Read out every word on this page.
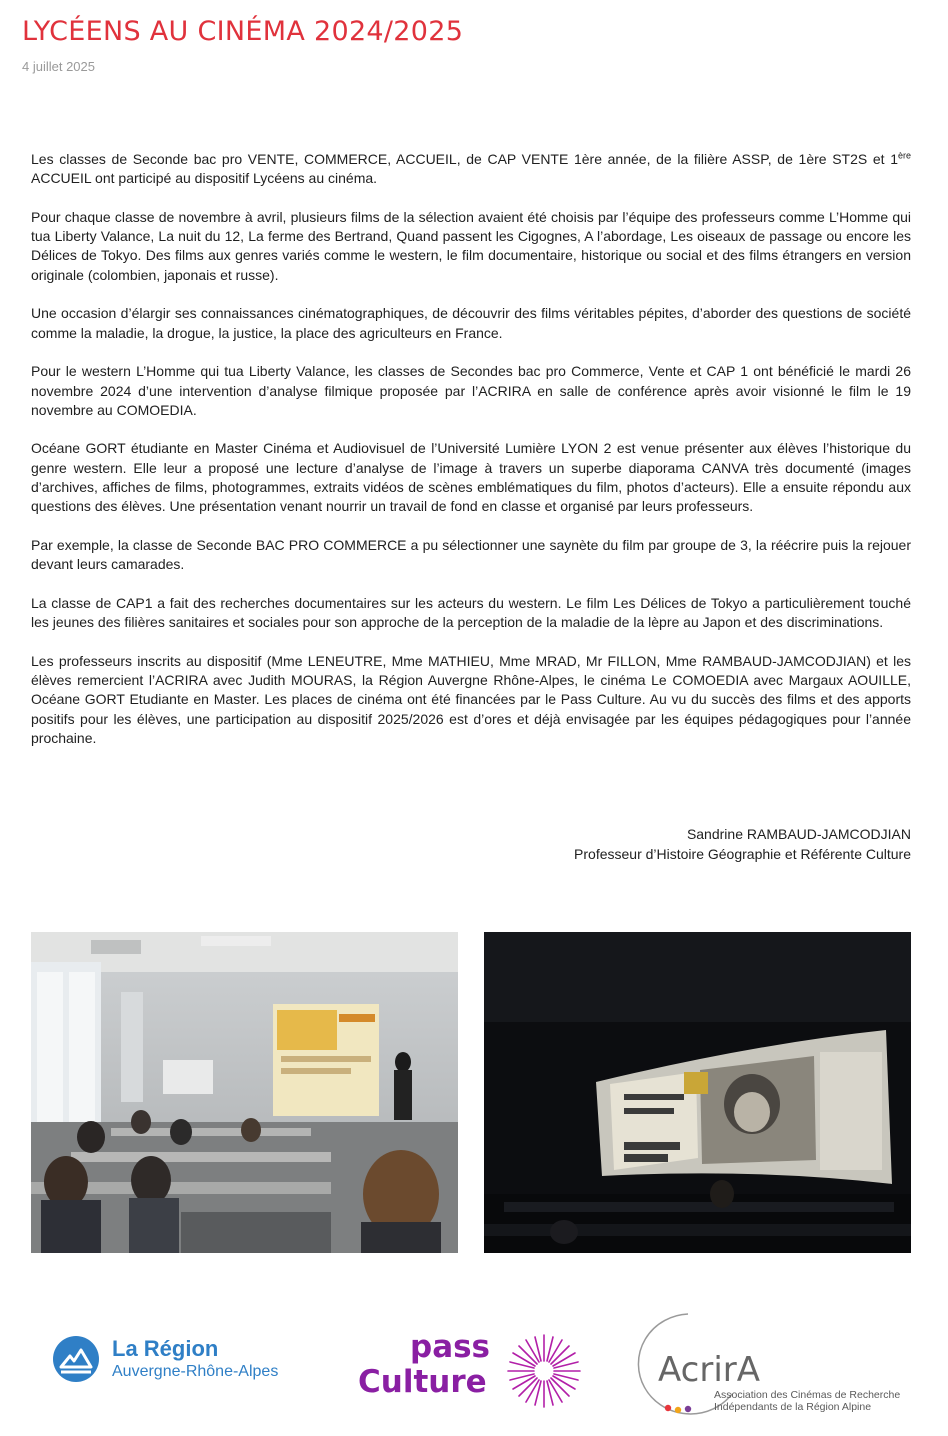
LYCÉENS AU CINÉMA 2024/2025
4 juillet 2025

Les classes de Seconde bac pro VENTE, COMMERCE, ACCUEIL, de CAP VENTE 1ère année, de la filière ASSP, de 1ère ST2S et 1ère ACCUEIL ont participé au dispositif Lycéens au cinéma.

Pour chaque classe de novembre à avril, plusieurs films de la sélection avaient été choisis par l’équipe des professeurs comme L’Homme qui tua Liberty Valance, La nuit du 12, La ferme des Bertrand, Quand passent les Cigognes, A l’abordage, Les oiseaux de passage ou encore les Délices de Tokyo. Des films aux genres variés comme le western, le film documentaire, historique ou social et des films étrangers en version originale (colombien, japonais et russe).

Une occasion d’élargir ses connaissances cinématographiques, de découvrir des films véritables pépites, d’aborder des questions de société comme la maladie, la drogue, la justice, la place des agriculteurs en France.

Pour le western L’Homme qui tua Liberty Valance, les classes de Secondes bac pro Commerce, Vente et CAP 1 ont bénéficié le mardi 26 novembre 2024 d’une intervention d’analyse filmique proposée par l’ACRIRA en salle de conférence après avoir visionné le film le 19 novembre au COMOEDIA.

Océane GORT étudiante en Master Cinéma et Audiovisuel de l’Université Lumière LYON 2 est venue présenter aux élèves l’historique du genre western. Elle leur a proposé une lecture d’analyse de l’image à travers un superbe diaporama CANVA très documenté (images d’archives, affiches de films, photogrammes, extraits vidéos de scènes emblématiques du film, photos d’acteurs). Elle a ensuite répondu aux questions des élèves. Une présentation venant nourrir un travail de fond en classe et organisé par leurs professeurs.

Par exemple, la classe de Seconde BAC PRO COMMERCE a pu sélectionner une saynète du film par groupe de 3, la réécrire puis la rejouer devant leurs camarades.

La classe de CAP1 a fait des recherches documentaires sur les acteurs du western. Le film Les Délices de Tokyo a particulièrement touché les jeunes des filières sanitaires et sociales pour son approche de la perception de la maladie de la lèpre au Japon et des discriminations.

Les professeurs inscrits au dispositif (Mme LENEUTRE, Mme MATHIEU, Mme MRAD, Mr FILLON, Mme RAMBAUD-JAMCODJIAN) et les élèves remercient l’ACRIRA avec Judith MOURAS, la Région Auvergne Rhône-Alpes, le cinéma Le COMOEDIA avec Margaux AOUILLE, Océane GORT Etudiante en Master. Les places de cinéma ont été financées par le Pass Culture. Au vu du succès des films et des apports positifs pour les élèves, une participation au dispositif 2025/2026 est d’ores et déjà envisagée par les équipes pédagogiques pour l’année prochaine.

Sandrine RAMBAUD-JAMCODJIAN
Professeur d’Histoire Géographie et Référente Culture
La Région
Auvergne-Rhône-Alpes
pass
Culture	AcrirA
Association des Cinémas de Recherche
Indépendants de la Région Alpine
